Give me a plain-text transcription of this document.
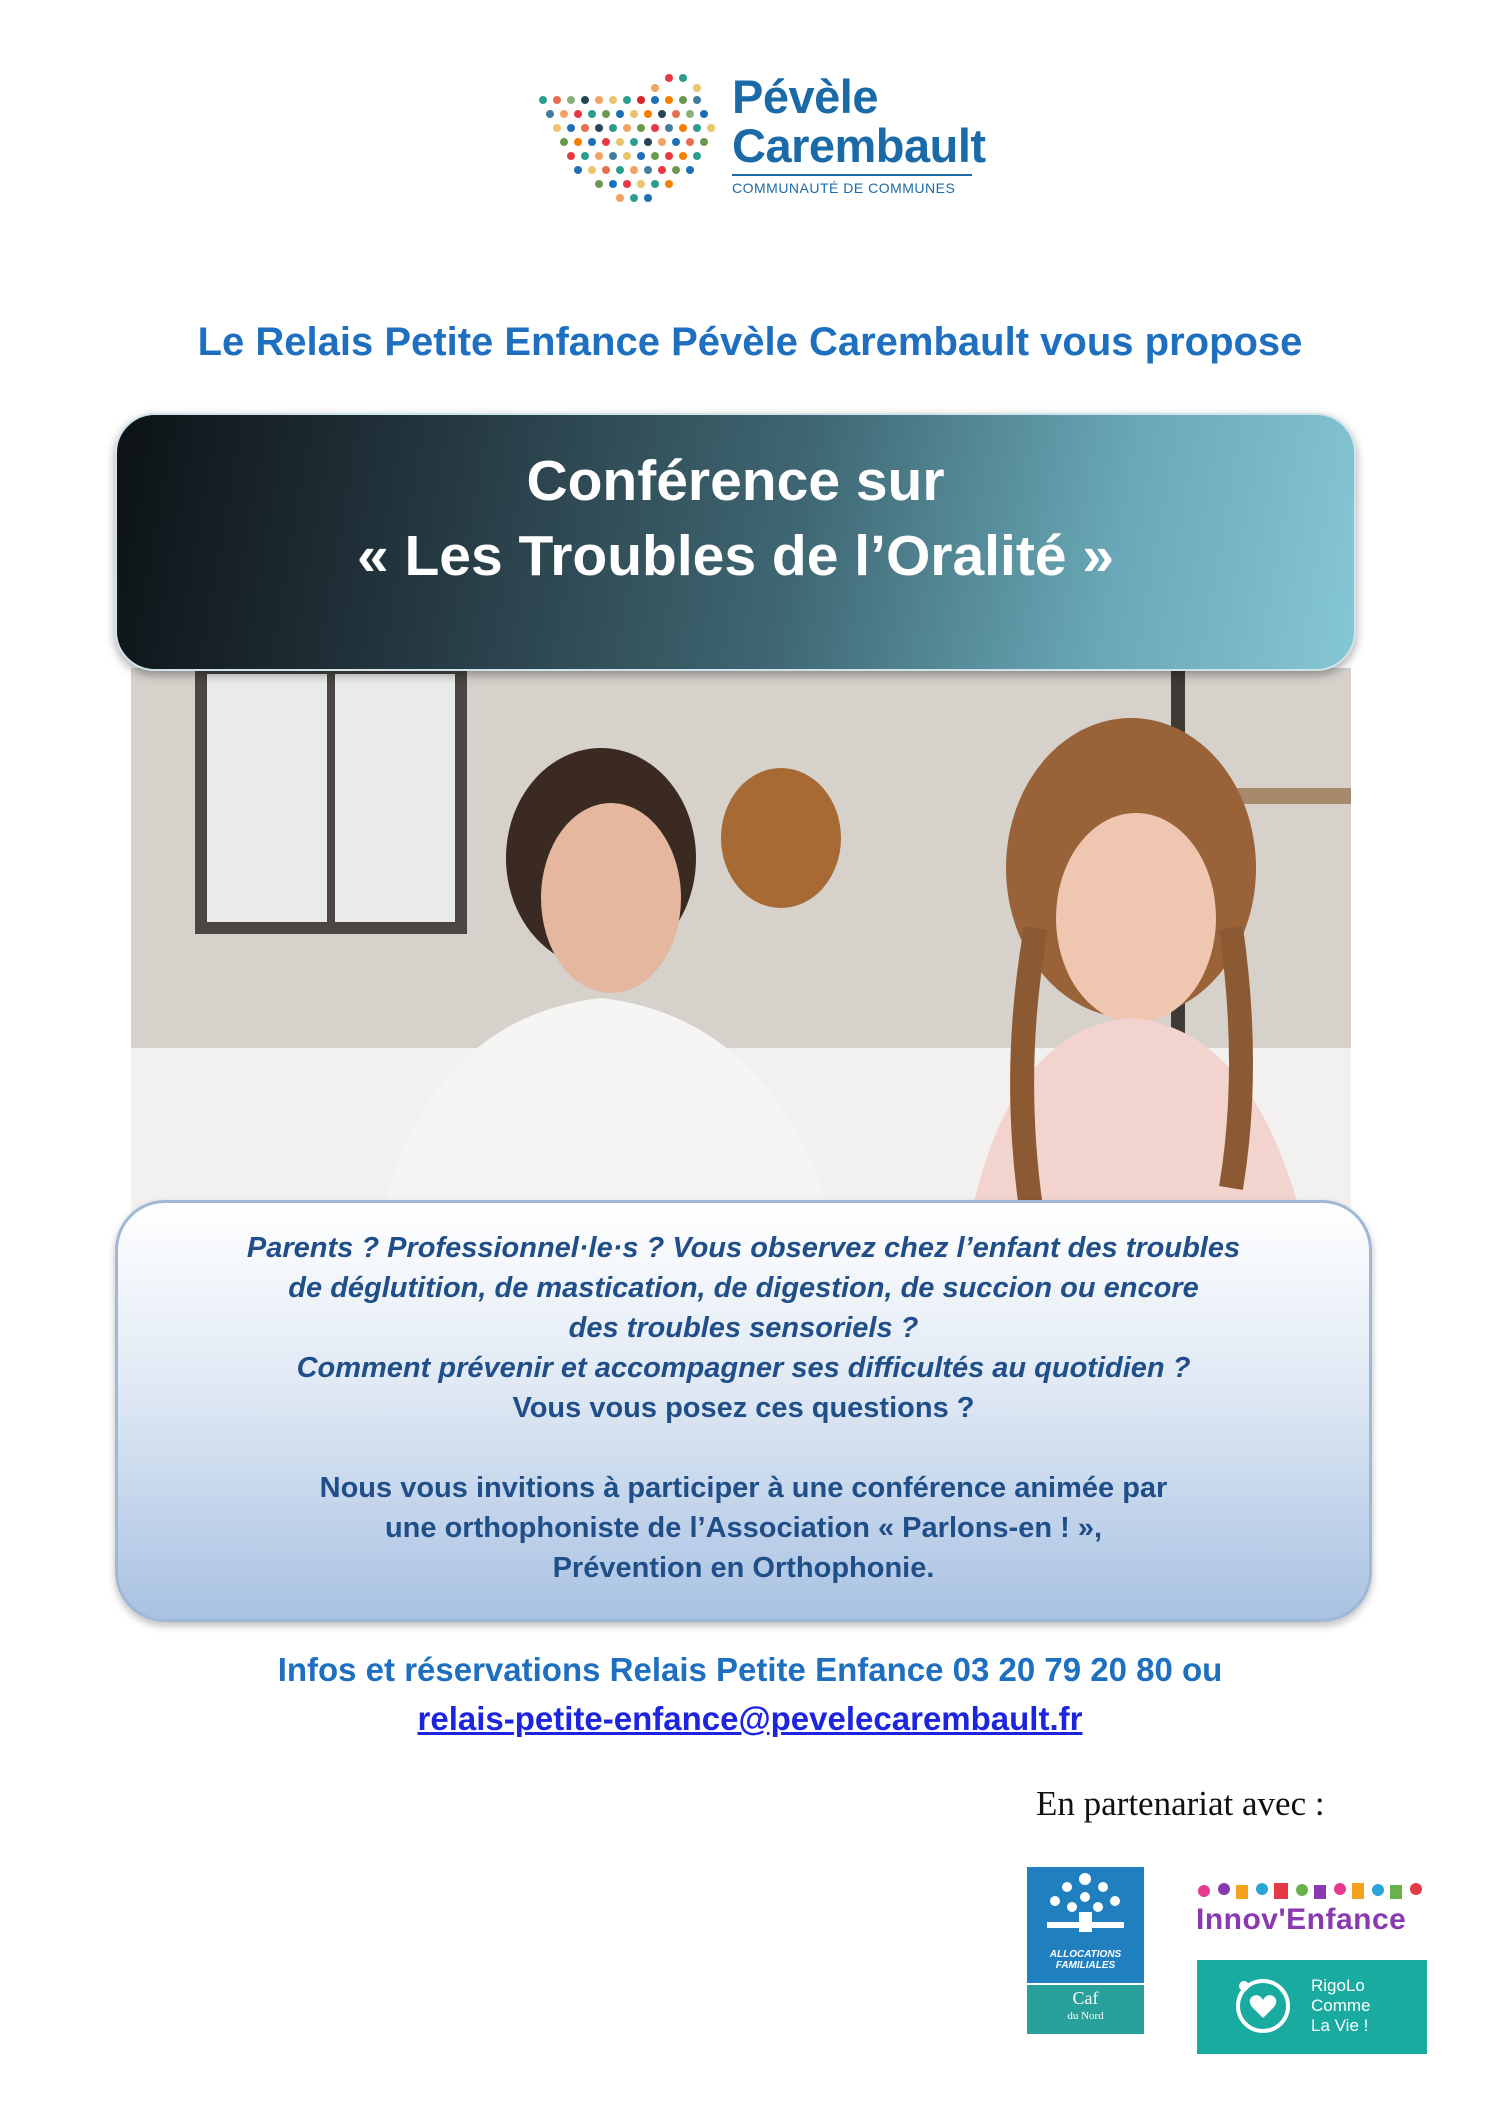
Pévèle
Carembault
COMMUNAUTÉ DE COMMUNES
Le Relais Petite Enfance Pévèle Carembault vous propose
Conférence sur
« Les Troubles de l’Oralité »
Parents ? Professionnel·le·s ? Vous observez chez l’enfant des troubles
de déglutition, de mastication, de digestion, de succion ou encore
des troubles sensoriels ?
Comment prévenir et accompagner ses difficultés au quotidien ?
Vous vous posez ces questions ?
Nous vous invitions à participer à une conférence animée par
une orthophoniste de l’Association « Parlons-en ! »,
Prévention en Orthophonie.
Infos et réservations Relais Petite Enfance 03 20 79 20 80 ou
relais-petite-enfance@pevelecarembault.fr
En partenariat avec :
ALLOCATIONS
FAMILIALES
Caf
du Nord
Innov'Enfance
RigoLo
Comme
La Vie !
